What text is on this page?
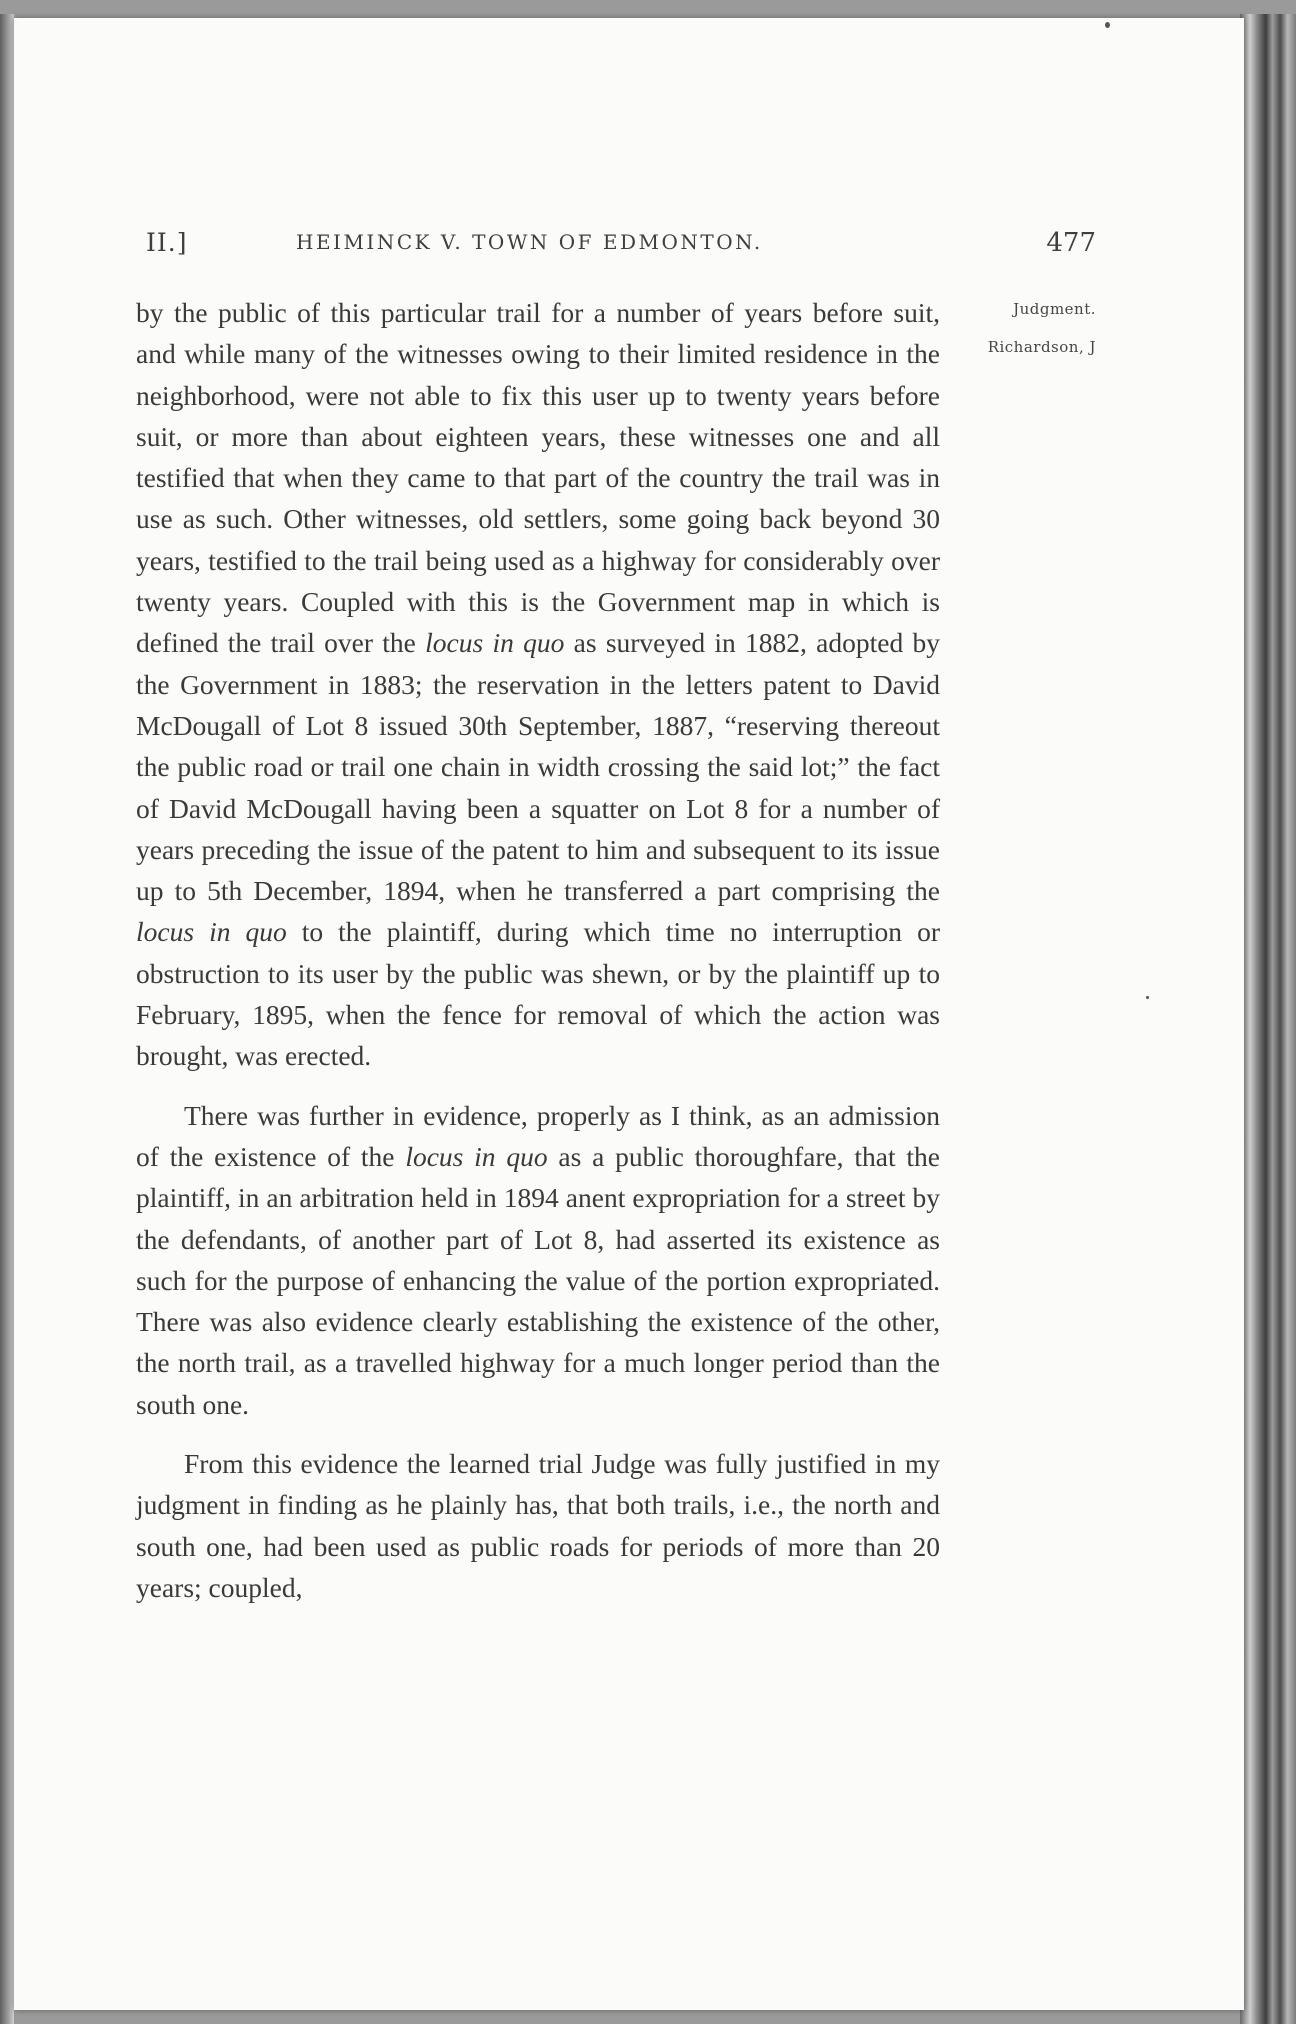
II.]	HEIMINCK V. TOWN OF EDMONTON.	477
Judgment.
Richardson, J

by the public of this particular trail for a number of years before suit, and while many of the witnesses owing to their limited residence in the neighborhood, were not able to fix this user up to twenty years before suit, or more than about eighteen years, these witnesses one and all testified that when they came to that part of the country the trail was in use as such. Other witnesses, old settlers, some going back beyond 30 years, testified to the trail being used as a highway for considerably over twenty years. Coupled with this is the Government map in which is defined the trail over the locus in quo as surveyed in 1882, adopted by the Government in 1883; the reservation in the letters patent to David McDougall of Lot 8 issued 30th September, 1887, “reserving thereout the public road or trail one chain in width crossing the said lot;” the fact of David McDougall having been a squatter on Lot 8 for a number of years preceding the issue of the patent to him and subsequent to its issue up to 5th December, 1894, when he transferred a part comprising the locus in quo to the plaintiff, during which time no interruption or obstruction to its user by the public was shewn, or by the plaintiff up to February, 1895, when the fence for removal of which the action was brought, was erected.

There was further in evidence, properly as I think, as an admission of the existence of the locus in quo as a public thoroughfare, that the plaintiff, in an arbitration held in 1894 anent expropriation for a street by the defendants, of another part of Lot 8, had asserted its existence as such for the purpose of enhancing the value of the portion expropriated. There was also evidence clearly establishing the existence of the other, the north trail, as a travelled highway for a much longer period than the south one.

From this evidence the learned trial Judge was fully justified in my judgment in finding as he plainly has, that both trails, i.e., the north and south one, had been used as public roads for periods of more than 20 years; coupled,
